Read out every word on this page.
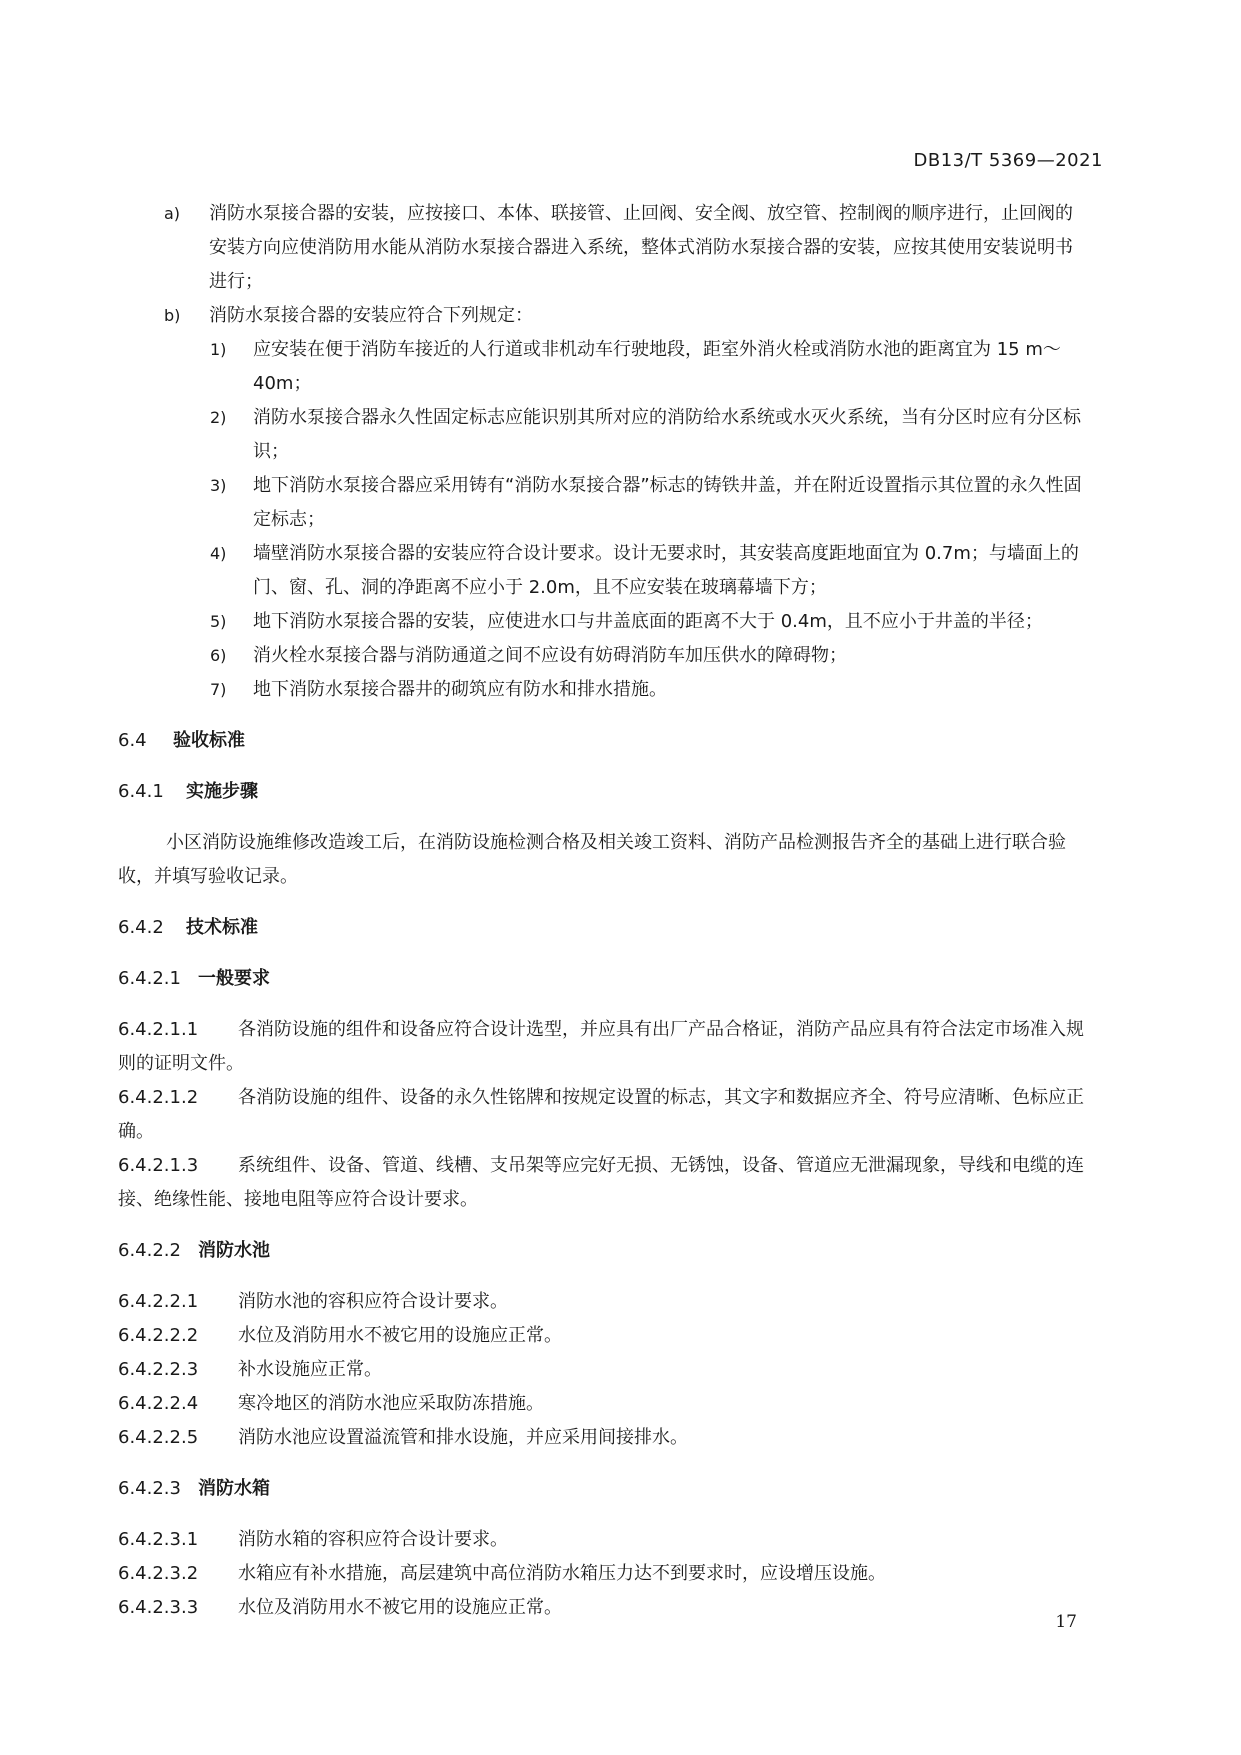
DB13/T 5369—2021
a) 消防水泵接合器的安装，应按接口、本体、联接管、止回阀、安全阀、放空管、控制阀的顺序进行，止回阀的安装方向应使消防用水能从消防水泵接合器进入系统，整体式消防水泵接合器的安装，应按其使用安装说明书进行；
b) 消防水泵接合器的安装应符合下列规定：
1) 应安装在便于消防车接近的人行道或非机动车行驶地段，距室外消火栓或消防水池的距离宜为 15 m～40m；
2) 消防水泵接合器永久性固定标志应能识别其所对应的消防给水系统或水灭火系统，当有分区时应有分区标识；
3) 地下消防水泵接合器应采用铸有“消防水泵接合器”标志的铸铁井盖，并在附近设置指示其位置的永久性固定标志；
4) 墙壁消防水泵接合器的安装应符合设计要求。设计无要求时，其安装高度距地面宜为 0.7m；与墙面上的门、窗、孔、洞的净距离不应小于 2.0m，且不应安装在玻璃幕墙下方；
5) 地下消防水泵接合器的安装，应使进水口与井盖底面的距离不大于 0.4m，且不应小于井盖的半径；
6) 消火栓水泵接合器与消防通道之间不应设有妨碍消防车加压供水的障碍物；
7) 地下消防水泵接合器井的砌筑应有防水和排水措施。
6.4 验收标准
6.4.1 实施步骤
小区消防设施维修改造竣工后，在消防设施检测合格及相关竣工资料、消防产品检测报告齐全的基础上进行联合验收，并填写验收记录。
6.4.2 技术标准
6.4.2.1 一般要求
6.4.2.1.1 各消防设施的组件和设备应符合设计选型，并应具有出厂产品合格证，消防产品应具有符合法定市场准入规则的证明文件。
6.4.2.1.2 各消防设施的组件、设备的永久性铭牌和按规定设置的标志，其文字和数据应齐全、符号应清晰、色标应正确。
6.4.2.1.3 系统组件、设备、管道、线槽、支吊架等应完好无损、无锈蚀，设备、管道应无泄漏现象，导线和电缆的连接、绝缘性能、接地电阻等应符合设计要求。
6.4.2.2 消防水池
6.4.2.2.1 消防水池的容积应符合设计要求。
6.4.2.2.2 水位及消防用水不被它用的设施应正常。
6.4.2.2.3 补水设施应正常。
6.4.2.2.4 寒冷地区的消防水池应采取防冻措施。
6.4.2.2.5 消防水池应设置溢流管和排水设施，并应采用间接排水。
6.4.2.3 消防水箱
6.4.2.3.1 消防水箱的容积应符合设计要求。
6.4.2.3.2 水箱应有补水措施，高层建筑中高位消防水箱压力达不到要求时，应设增压设施。
6.4.2.3.3 水位及消防用水不被它用的设施应正常。
17
